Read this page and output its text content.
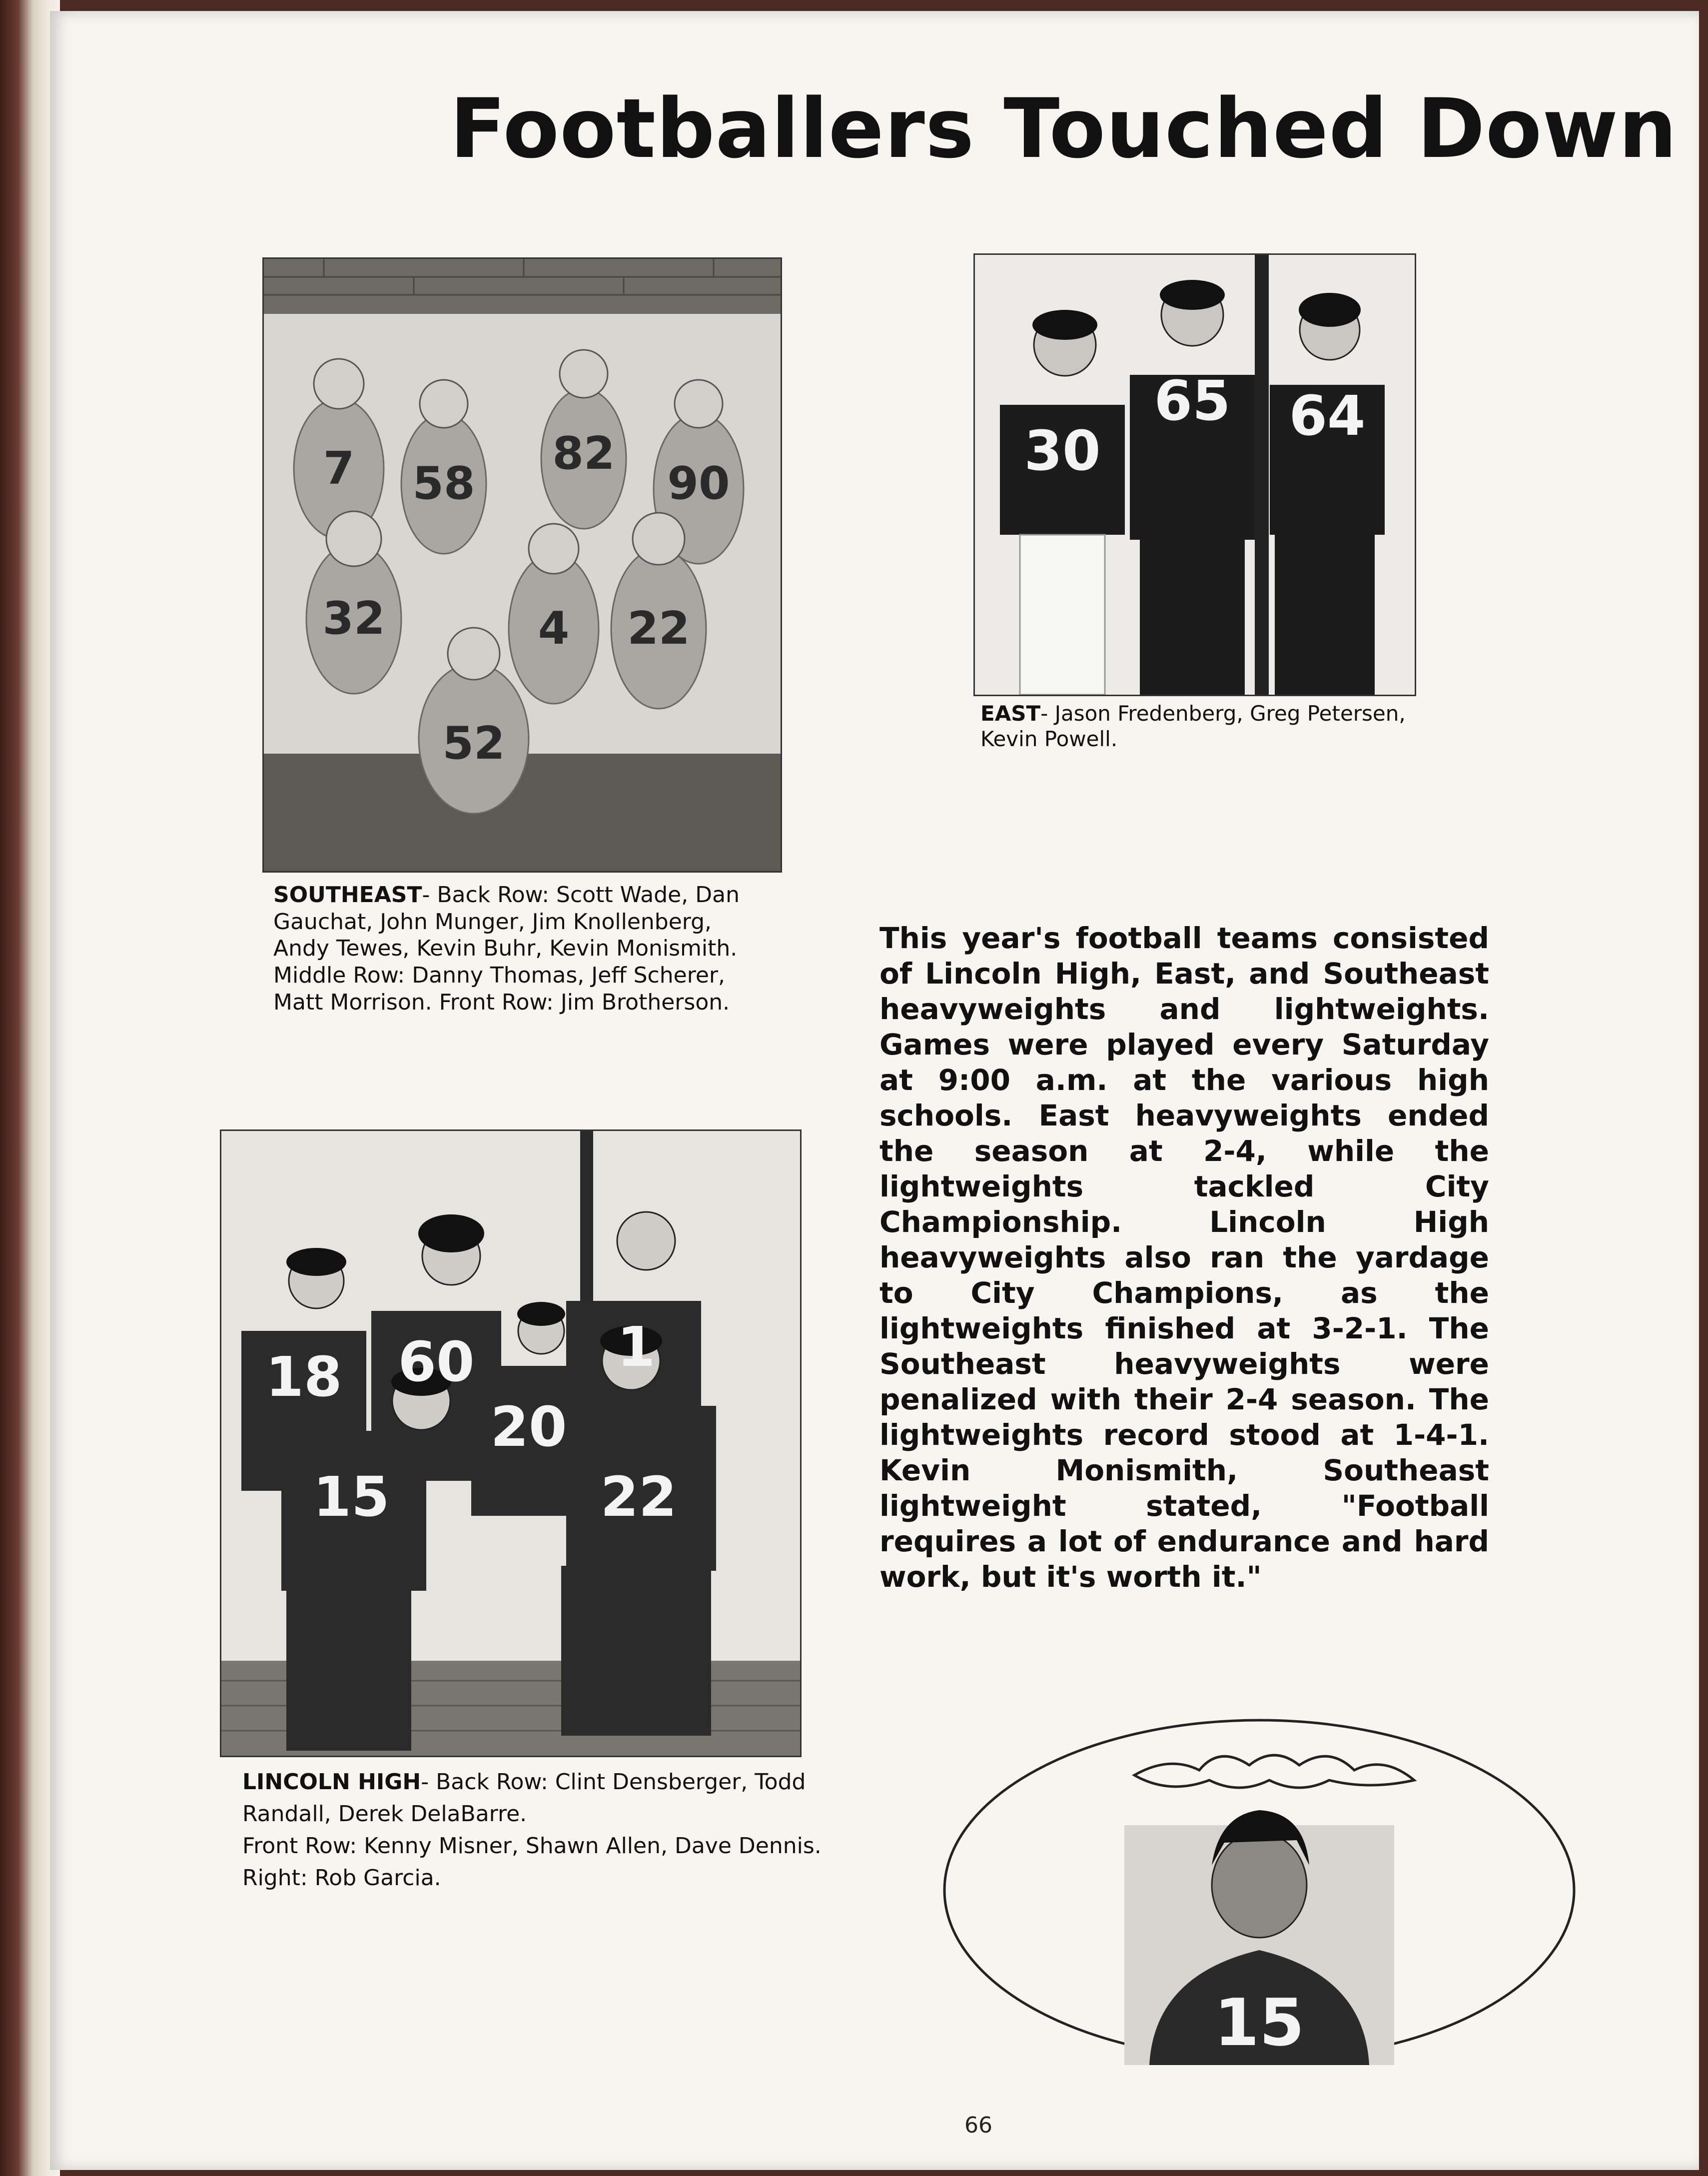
Footballers Touched Down
7 58
82
90
32	4 22
52
SOUTHEAST- Back Row: Scott Wade, Dan Gauchat, John Munger, Jim Knollenberg, Andy Tewes, Kevin Buhr, Kevin Monismith. Middle Row: Danny Thomas, Jeff Scherer, Matt Morrison. Front Row: Jim Brotherson.
30
65 64
EAST- Jason Fredenberg, Greg Petersen, Kevin Powell.
18 60	1
20
15	22
LINCOLN HIGH- Back Row: Clint Densberger, Todd Randall, Derek DelaBarre.
Front Row: Kenny Misner, Shawn Allen, Dave Dennis.
Right: Rob Garcia.
This year's football teams consisted of Lincoln High, East, and Southeast heavyweights and lightweights. Games were played every Saturday at 9:00 a.m. at the various high schools. East heavyweights ended the season at 2-4, while the lightweights tackled City Championship. Lincoln High heavyweights also ran the yardage to City Champions, as the lightweights finished at 3-2-1. The Southeast heavyweights were penalized with their 2-4 season. The lightweights record stood at 1-4-1. Kevin Monismith, Southeast lightweight stated, "Football requires a lot of endurance and hard work, but it's worth it."
15
66
